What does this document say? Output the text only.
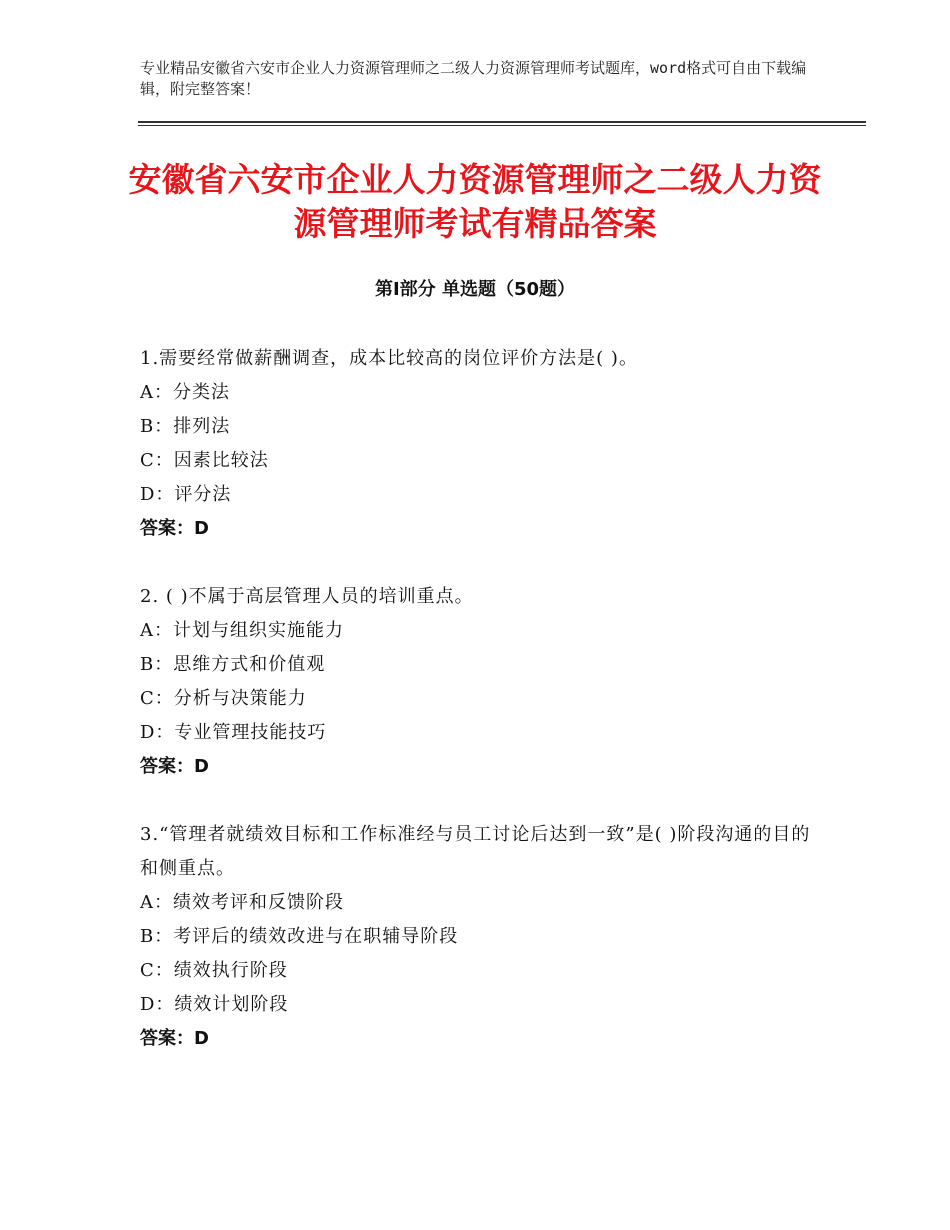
专业精品安徽省六安市企业人力资源管理师之二级人力资源管理师考试题库，word格式可自由下载编辑，附完整答案！
安徽省六安市企业人力资源管理师之二级人力资源管理师考试有精品答案
第Ⅰ部分 单选题（50题）
1.需要经常做薪酬调查，成本比较高的岗位评价方法是( )。
A：分类法
B：排列法
C：因素比较法
D：评分法
答案：D
2. ( )不属于高层管理人员的培训重点。
A：计划与组织实施能力
B：思维方式和价值观
C：分析与决策能力
D：专业管理技能技巧
答案：D
3.“管理者就绩效目标和工作标准经与员工讨论后达到一致”是( )阶段沟通的目的和侧重点。
A：绩效考评和反馈阶段
B：考评后的绩效改进与在职辅导阶段
C：绩效执行阶段
D：绩效计划阶段
答案：D
